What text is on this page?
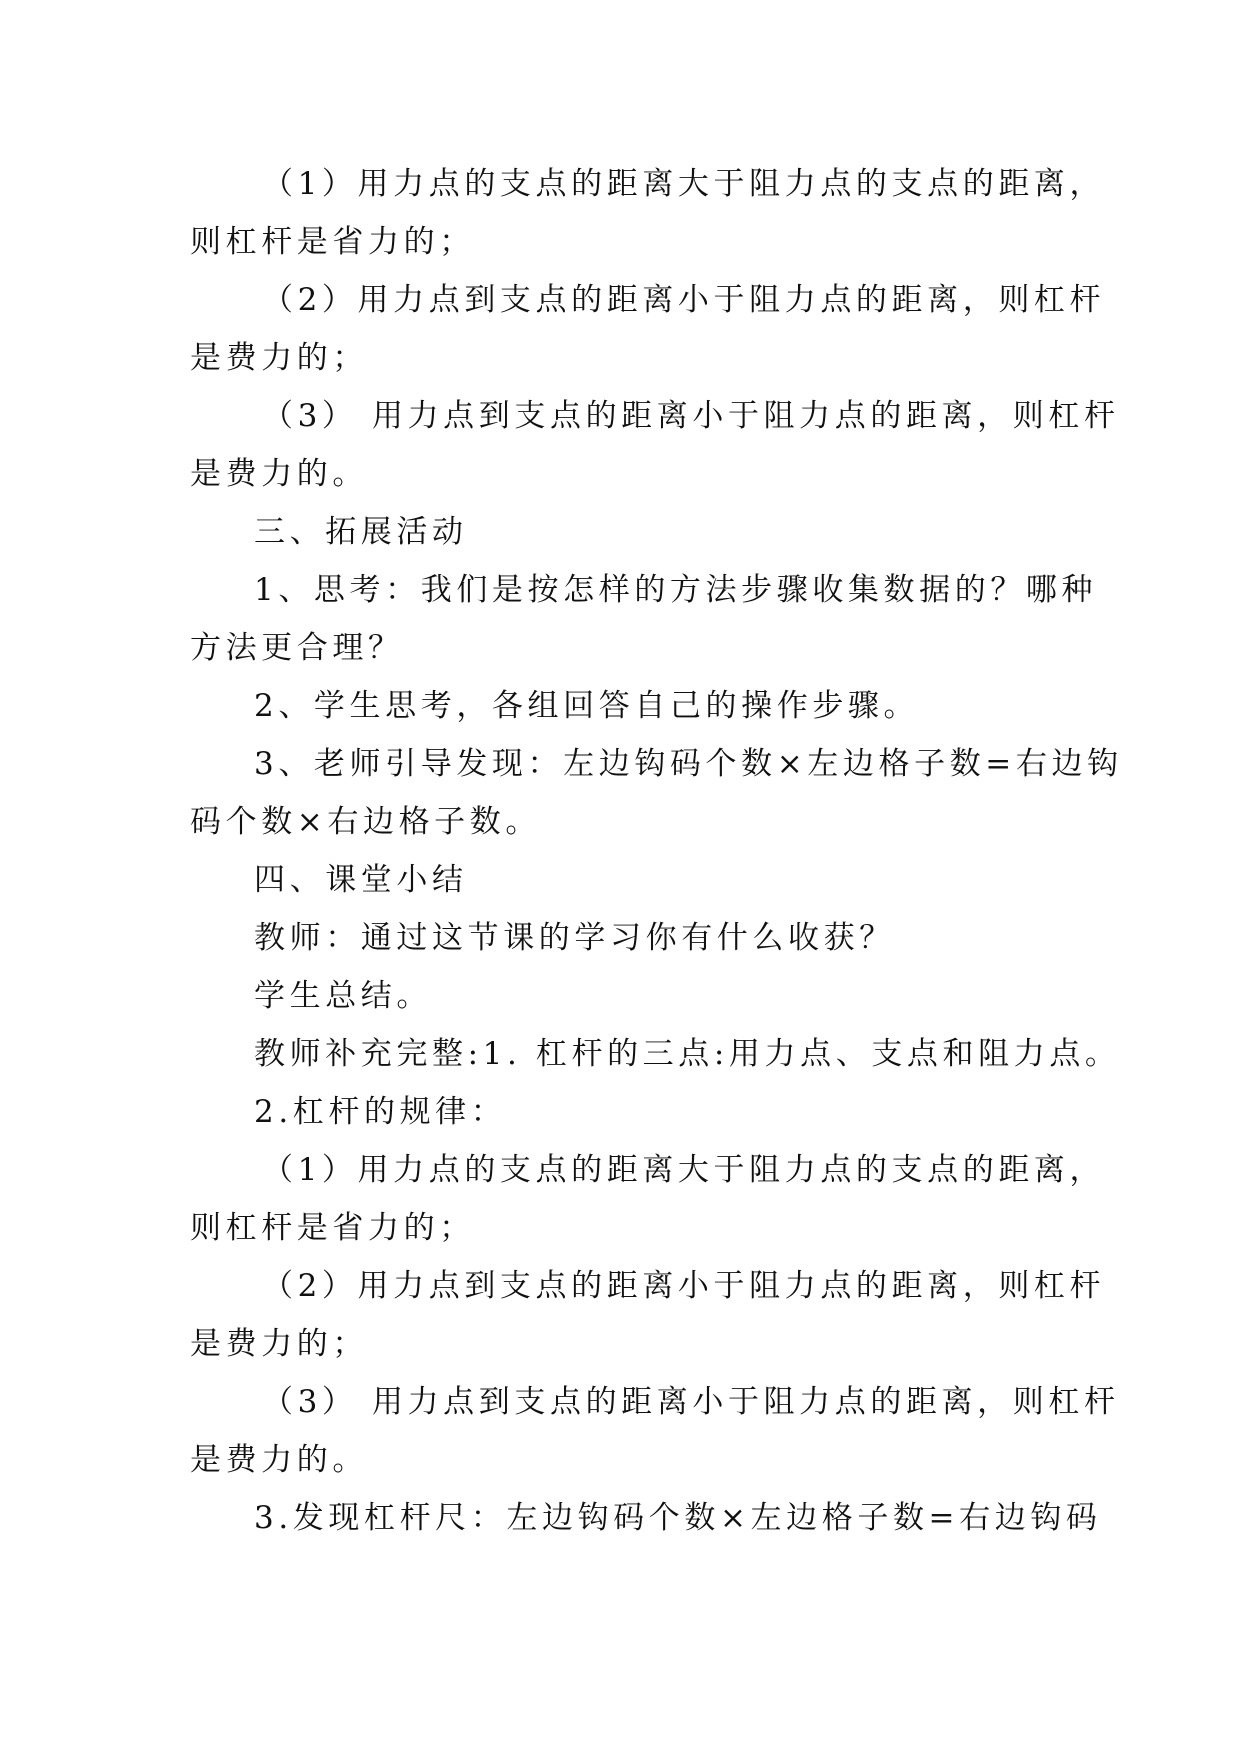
（1）用力点的支点的距离大于阻力点的支点的距离，
则杠杆是省力的；
（2）用力点到支点的距离小于阻力点的距离，则杠杆
是费力的；
（3） 用力点到支点的距离小于阻力点的距离，则杠杆
是费力的。
三、拓展活动
1、思考：我们是按怎样的方法步骤收集数据的？哪种
方法更合理？
2、学生思考，各组回答自己的操作步骤。
3、老师引导发现：左边钩码个数×左边格子数=右边钩
码个数×右边格子数。
四、课堂小结
教师：通过这节课的学习你有什么收获？
学生总结。
教师补充完整:1. 杠杆的三点:用力点、支点和阻力点。
2.杠杆的规律：
（1）用力点的支点的距离大于阻力点的支点的距离，
则杠杆是省力的；
（2）用力点到支点的距离小于阻力点的距离，则杠杆
是费力的；
（3） 用力点到支点的距离小于阻力点的距离，则杠杆
是费力的。
3.发现杠杆尺：左边钩码个数×左边格子数=右边钩码
